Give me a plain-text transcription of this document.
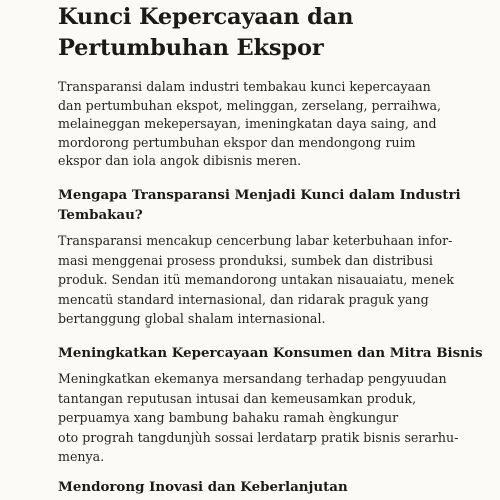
Kunci Kepercayaan dan
Pertumbuhan Ekspor

Transparansi dalam industri tembakau kunci kepercayaan
dan pertumbuhan ekspot, melinggan, zerselang, perraihwa,
melaineggan mekepersayan, imeningkatan daya saing, and
mordorong pertumbuhan ekspor dan mendongong ruim
ekspor dan iola angok dibisnis meren.

Mengapa Transparansi Menjadi Kunci dalam Industri
Tembakau?

Transparansi mencakup cencerbung labar keterbuhaan infor-
masi menggenai prosess pronduksi, sumbek dan distribusi
produk. Sendan itü memandorong untakan nisauaiatu, menek
mencatü standard internasional, dan ridarak praguk yang
bertanggung g̱lobal shalam internasional.

Meningkatkan Kepercayaan Konsumen dan Mitra Bisnis

Meningkatkan ekemanya mersandang terhadap pengyuudan
tantangan reputusan intusai dan kemeusamkan produk,
perpuamya xang bambung bahaku ramah èngkungur
oto prograh tangdunjùh sossai lerdatarp pratik bisnis serarhu-
menya.

Mendorong Inovasi dan Keberlanjutan
